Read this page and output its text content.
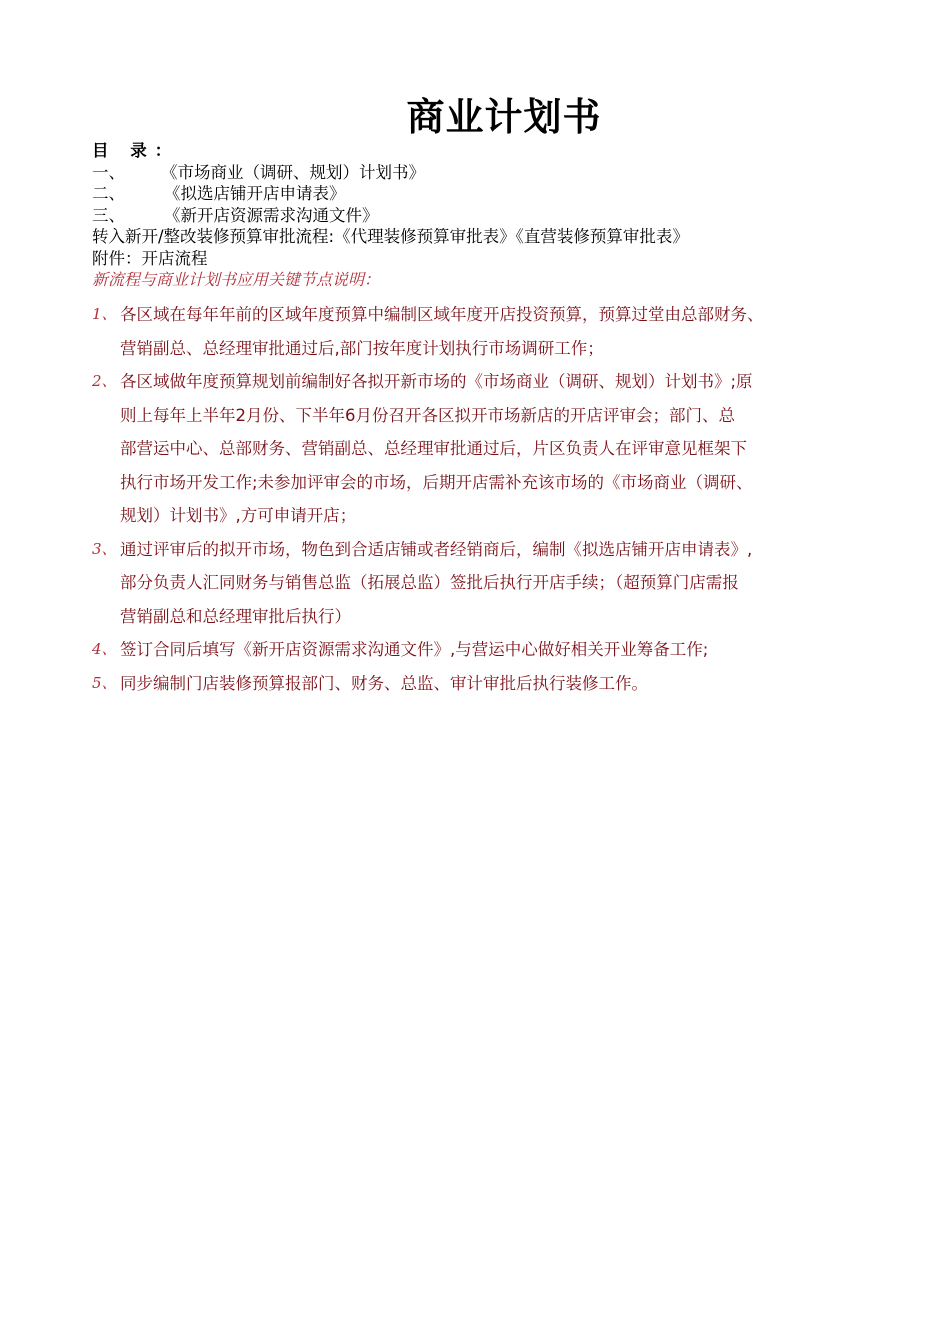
商业计划书
目 录：
一、 《市场商业（调研、规划）计划书》
二、 《拟选店铺开店申请表》
三、 《新开店资源需求沟通文件》
转入新开/整改装修预算审批流程:《代理装修预算审批表》《直营装修预算审批表》
附件：开店流程
新流程与商业计划书应用关键节点说明：
1、 各区域在每年年前的区域年度预算中编制区域年度开店投资预算，预算过堂由总部财务、
营销副总、总经理审批通过后,部门按年度计划执行市场调研工作；
2、 各区域做年度预算规划前编制好各拟开新市场的《市场商业（调研、规划）计划书》;原
则上每年上半年2月份、下半年6月份召开各区拟开市场新店的开店评审会；部门、总
部营运中心、总部财务、营销副总、总经理审批通过后，片区负责人在评审意见框架下
执行市场开发工作;未参加评审会的市场，后期开店需补充该市场的《市场商业（调研、
规划）计划书》,方可申请开店；
3、 通过评审后的拟开市场，物色到合适店铺或者经销商后，编制《拟选店铺开店申请表》,
部分负责人汇同财务与销售总监（拓展总监）签批后执行开店手续；（超预算门店需报
营销副总和总经理审批后执行）
4、 签订合同后填写《新开店资源需求沟通文件》,与营运中心做好相关开业筹备工作;
5、 同步编制门店装修预算报部门、财务、总监、审计审批后执行装修工作。
